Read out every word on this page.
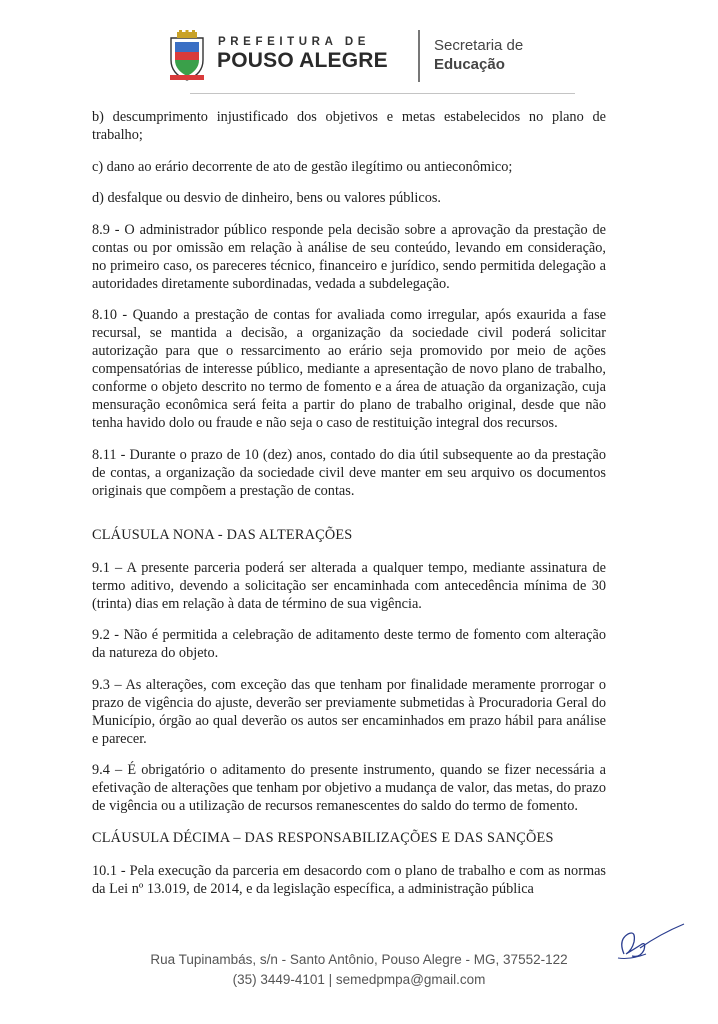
PREFEITURA DE
POUSO ALEGRE
Secretaria de
Educação

b) descumprimento injustificado dos objetivos e metas estabelecidos no plano de trabalho;

c) dano ao erário decorrente de ato de gestão ilegítimo ou antieconômico;

d) desfalque ou desvio de dinheiro, bens ou valores públicos.

8.9 - O administrador público responde pela decisão sobre a aprovação da prestação de contas ou por omissão em relação à análise de seu conteúdo, levando em consideração, no primeiro caso, os pareceres técnico, financeiro e jurídico, sendo permitida delegação a autoridades diretamente subordinadas, vedada a subdelegação.

8.10 - Quando a prestação de contas for avaliada como irregular, após exaurida a fase recursal, se mantida a decisão, a organização da sociedade civil poderá solicitar autorização para que o ressarcimento ao erário seja promovido por meio de ações compensatórias de interesse público, mediante a apresentação de novo plano de trabalho, conforme o objeto descrito no termo de fomento e a área de atuação da organização, cuja mensuração econômica será feita a partir do plano de trabalho original, desde que não tenha havido dolo ou fraude e não seja o caso de restituição integral dos recursos.

8.11 - Durante o prazo de 10 (dez) anos, contado do dia útil subsequente ao da prestação de contas, a organização da sociedade civil deve manter em seu arquivo os documentos originais que compõem a prestação de contas.

CLÁUSULA NONA - DAS ALTERAÇÕES

9.1 – A presente parceria poderá ser alterada a qualquer tempo, mediante assinatura de termo aditivo, devendo a solicitação ser encaminhada com antecedência mínima de 30 (trinta) dias em relação à data de término de sua vigência.

9.2 - Não é permitida a celebração de aditamento deste termo de fomento com alteração da natureza do objeto.

9.3 – As alterações, com exceção das que tenham por finalidade meramente prorrogar o prazo de vigência do ajuste, deverão ser previamente submetidas à Procuradoria Geral do Município, órgão ao qual deverão os autos ser encaminhados em prazo hábil para análise e parecer.

9.4 – É obrigatório o aditamento do presente instrumento, quando se fizer necessária a efetivação de alterações que tenham por objetivo a mudança de valor, das metas, do prazo de vigência ou a utilização de recursos remanescentes do saldo do termo de fomento.

CLÁUSULA DÉCIMA – DAS RESPONSABILIZAÇÕES E DAS SANÇÕES

10.1 - Pela execução da parceria em desacordo com o plano de trabalho e com as normas da Lei nº 13.019, de 2014, e da legislação específica, a administração pública

Rua Tupinambás, s/n - Santo Antônio, Pouso Alegre - MG, 37552-122
(35) 3449-4101 | semedpmpa@gmail.com
